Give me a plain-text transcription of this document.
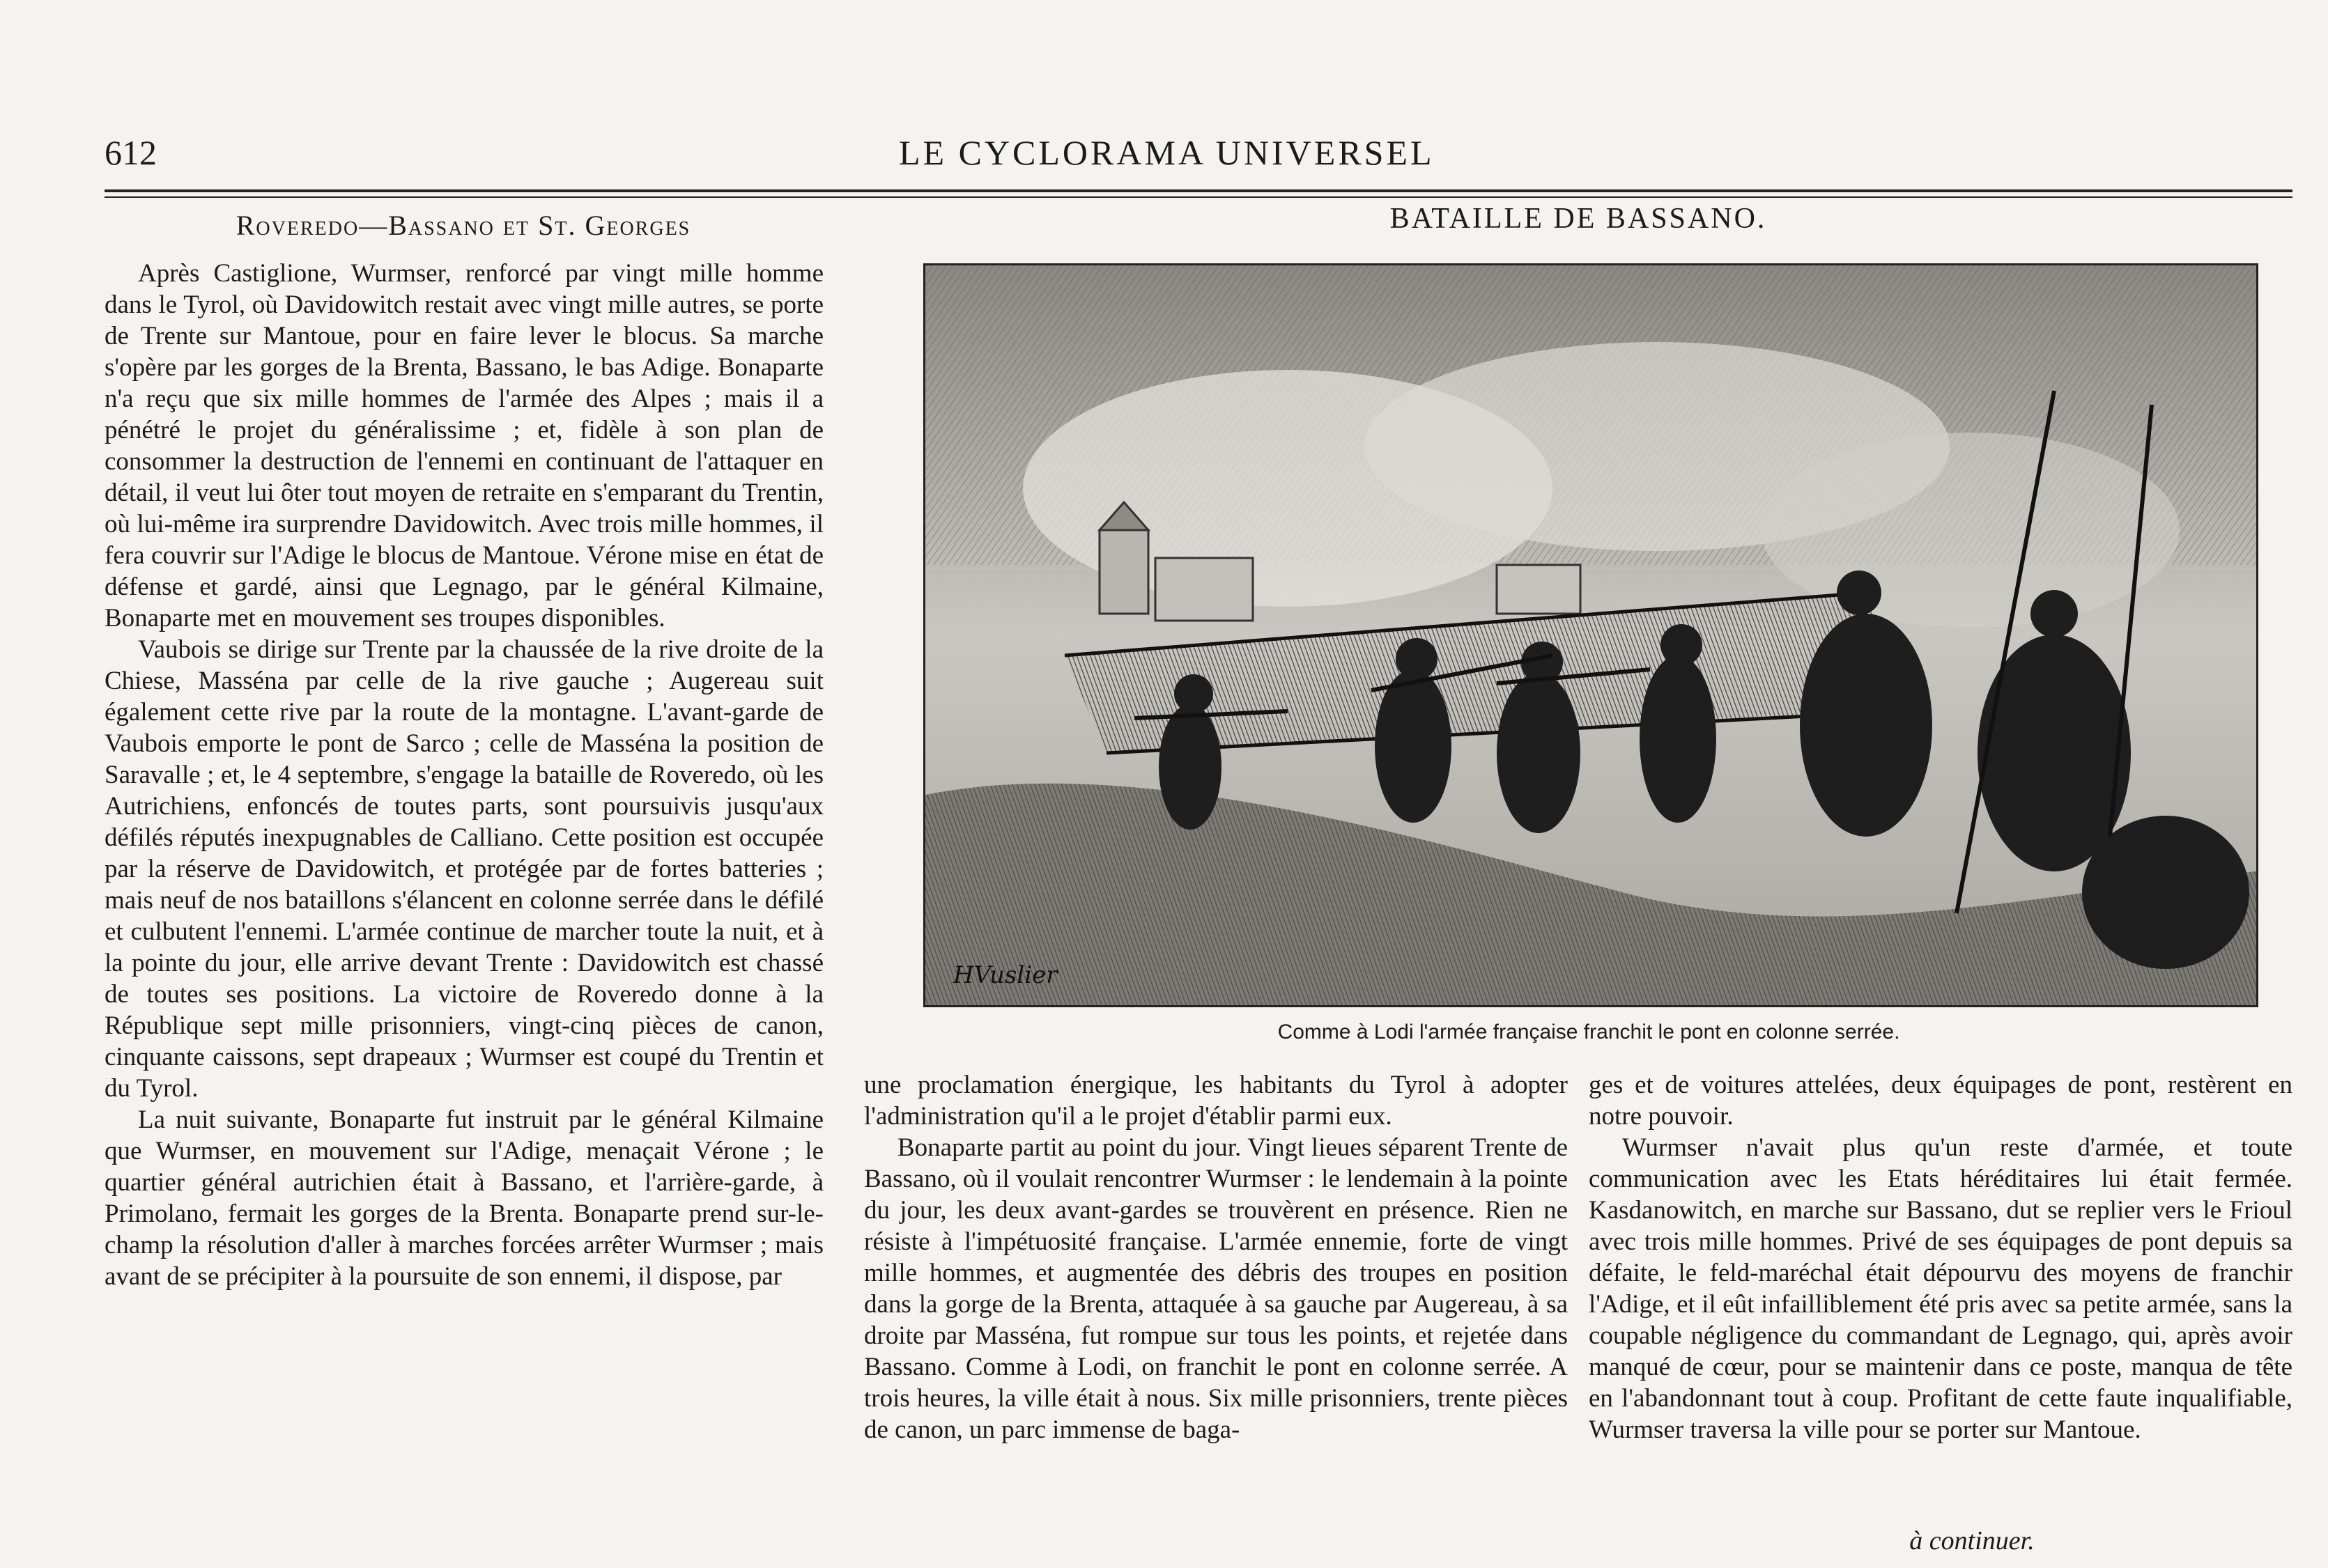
612	LE CYCLORAMA UNIVERSEL
Roveredo—Bassano et St. Georges	BATAILLE DE BASSANO.

Après Castiglione, Wurmser, renforcé par vingt mille homme dans le Tyrol, où Davidowitch restait avec vingt mille autres, se porte de Trente sur Mantoue, pour en faire lever le blocus. Sa marche s'opère par les gorges de la Brenta, Bassano, le bas Adige. Bonaparte n'a reçu que six mille hommes de l'armée des Alpes ; mais il a pénétré le projet du généralissime ; et, fidèle à son plan de consommer la destruction de l'ennemi en continuant de l'attaquer en détail, il veut lui ôter tout moyen de retraite en s'emparant du Trentin, où lui-même ira surprendre Davidowitch. Avec trois mille hommes, il fera couvrir sur l'Adige le blocus de Mantoue. Vérone mise en état de défense et gardé, ainsi que Legnago, par le général Kilmaine, Bonaparte met en mouvement ses troupes disponibles.

Vaubois se dirige sur Trente par la chaussée de la rive droite de la Chiese, Masséna par celle de la rive gauche ; Augereau suit également cette rive par la route de la montagne. L'avant-garde de Vaubois emporte le pont de Sarco ; celle de Masséna la position de Saravalle ; et, le 4 septembre, s'engage la bataille de Roveredo, où les Autrichiens, enfoncés de toutes parts, sont poursuivis jusqu'aux défilés réputés inexpugnables de Calliano. Cette position est occupée par la réserve de Davidowitch, et protégée par de fortes batteries ; mais neuf de nos bataillons s'élancent en colonne serrée dans le défilé et culbutent l'ennemi. L'armée continue de marcher toute la nuit, et à la pointe du jour, elle arrive devant Trente : Davidowitch est chassé de toutes ses positions. La victoire de Roveredo donne à la République sept mille prisonniers, vingt-cinq pièces de canon, cinquante caissons, sept drapeaux ; Wurmser est coupé du Trentin et du Tyrol.

La nuit suivante, Bonaparte fut instruit par le général Kilmaine que Wurmser, en mouvement sur l'Adige, menaçait Vérone ; le quartier général autrichien était à Bassano, et l'arrière-garde, à Primolano, fermait les gorges de la Brenta. Bonaparte prend sur-le-champ la résolution d'aller à marches forcées arrêter Wurmser ; mais avant de se précipiter à la poursuite de son ennemi, il dispose, par

HVuslier
Comme à Lodi l'armée française franchit le pont en colonne serrée.

une proclamation énergique, les habitants du Tyrol à adopter l'administration qu'il a le projet d'établir parmi eux.

Bonaparte partit au point du jour. Vingt lieues séparent Trente de Bassano, où il voulait rencontrer Wurmser : le lendemain à la pointe du jour, les deux avant-gardes se trouvèrent en présence. Rien ne résiste à l'impétuosité française. L'armée ennemie, forte de vingt mille hommes, et augmentée des débris des troupes en position dans la gorge de la Brenta, attaquée à sa gauche par Augereau, à sa droite par Masséna, fut rompue sur tous les points, et rejetée dans Bassano. Comme à Lodi, on franchit le pont en colonne serrée. A trois heures, la ville était à nous. Six mille prisonniers, trente pièces de canon, un parc immense de baga-

ges et de voitures attelées, deux équipages de pont, restèrent en notre pouvoir.

Wurmser n'avait plus qu'un reste d'armée, et toute communication avec les Etats héréditaires lui était fermée. Kasdanowitch, en marche sur Bassano, dut se replier vers le Frioul avec trois mille hommes. Privé de ses équipages de pont depuis sa défaite, le feld-maréchal était dépourvu des moyens de franchir l'Adige, et il eût infailliblement été pris avec sa petite armée, sans la coupable négligence du commandant de Legnago, qui, après avoir manqué de cœur, pour se maintenir dans ce poste, manqua de tête en l'abandonnant tout à coup. Profitant de cette faute inqualifiable, Wurmser traversa la ville pour se porter sur Mantoue.

à continuer.
